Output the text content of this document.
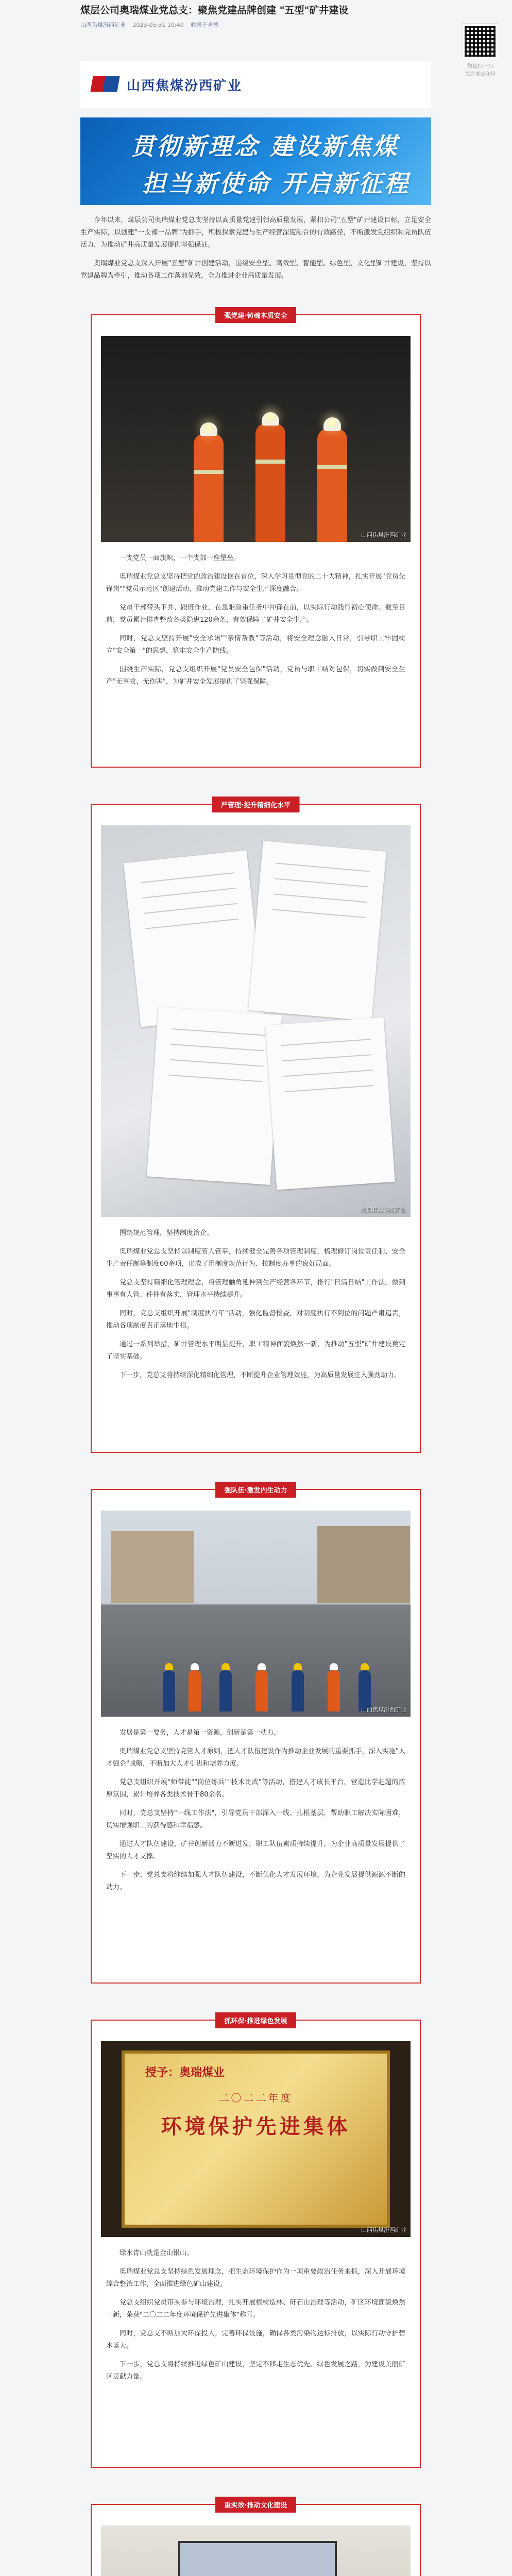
煤层公司奥瑞煤业党总支：聚焦党建品牌创建 "五型"矿井建设
山西焦煤汾西矿业 2023-05-31 10:40 收录于合集
微信扫一扫
关注该公众号
山西焦煤汾西矿业
贯彻新理念 建设新焦煤
担当新使命 开启新征程

今年以来，煤层公司奥瑞煤业党总支坚持以高质量党建引领高质量发展，紧扣公司"五型"矿井建设目标，立足安全生产实际，以创建"一支部一品牌"为抓手，积极探索党建与生产经营深度融合的有效路径，不断激发党组织和党员队伍活力，为推动矿井高质量发展提供坚强保证。

奥瑞煤业党总支深入开展"五型"矿井创建活动，围绕安全型、高效型、智能型、绿色型、文化型矿井建设，坚持以党建品牌为牵引，推动各项工作落地见效，全力推进企业高质量发展。

强党建·铸魂本质安全
山西焦煤汾西矿业

一支党员一面旗帜，一个支部一座堡垒。

奥瑞煤业党总支坚持把党的政治建设摆在首位，深入学习贯彻党的二十大精神，扎实开展"党员先锋岗""党员示范区"创建活动，推动党建工作与安全生产深度融合。

党员干部带头下井、跟班作业，在急难险重任务中冲锋在前，以实际行动践行初心使命。截至目前，党员累计排查整改各类隐患120余条，有效保障了矿井安全生产。

同时，党总支坚持开展"安全承诺""亲情帮教"等活动，将安全理念融入日常，引导职工牢固树立"安全第一"的思想，筑牢安全生产防线。

围绕生产实际，党总支组织开展"党员安全包保"活动，党员与职工结对包保，切实做到安全生产"无事故、无伤害"，为矿井安全发展提供了坚强保障。

严管理·提升精细化水平
山西焦煤汾西矿业

围绕规范管理，坚持制度治企。

奥瑞煤业党总支坚持以制度管人管事，持续健全完善各项管理制度，梳理修订岗位责任制、安全生产责任制等制度60余项，形成了用制度规范行为、按制度办事的良好局面。

党总支坚持精细化管理理念，将管理触角延伸到生产经营各环节，推行"日清日结"工作法，做到事事有人管、件件有落实，管理水平持续提升。

同时，党总支组织开展"制度执行年"活动，强化监督检查，对制度执行不到位的问题严肃追责，推动各项制度真正落地生根。

通过一系列举措，矿井管理水平明显提升，职工精神面貌焕然一新，为推动"五型"矿井建设奠定了坚实基础。

下一步，党总支将持续深化精细化管理，不断提升企业管理效能，为高质量发展注入强劲动力。

强队伍·激发内生动力
山西焦煤汾西矿业

发展是第一要务，人才是第一资源，创新是第一动力。

奥瑞煤业党总支坚持党管人才原则，把人才队伍建设作为推动企业发展的重要抓手，深入实施"人才强企"战略，不断加大人才引进和培养力度。

党总支组织开展"师带徒""岗位练兵""技术比武"等活动，搭建人才成长平台，营造比学赶超的浓厚氛围，累计培养各类技术骨干80余名。

同时，党总支坚持"一线工作法"，引导党员干部深入一线、扎根基层，帮助职工解决实际困难，切实增强职工的获得感和幸福感。

通过人才队伍建设，矿井创新活力不断迸发，职工队伍素质持续提升，为企业高质量发展提供了坚实的人才支撑。

下一步，党总支将继续加强人才队伍建设，不断优化人才发展环境，为企业发展提供源源不断的动力。

抓环保·推进绿色发展
授予：奥瑞煤业
二〇二二年度
环境保护先进集体
山西焦煤汾西矿业

绿水青山就是金山银山。

奥瑞煤业党总支坚持绿色发展理念，把生态环境保护作为一项重要政治任务来抓，深入开展环境综合整治工作，全面推进绿色矿山建设。

党总支组织党员带头参与环境治理，扎实开展植树造林、矸石山治理等活动，矿区环境面貌焕然一新，荣获"二〇二二年度环境保护先进集体"称号。

同时，党总支不断加大环保投入，完善环保设施，确保各类污染物达标排放，以实际行动守护碧水蓝天。

下一步，党总支将持续推进绿色矿山建设，坚定不移走生态优先、绿色发展之路，为建设美丽矿区贡献力量。

重实效·推动文化建设
